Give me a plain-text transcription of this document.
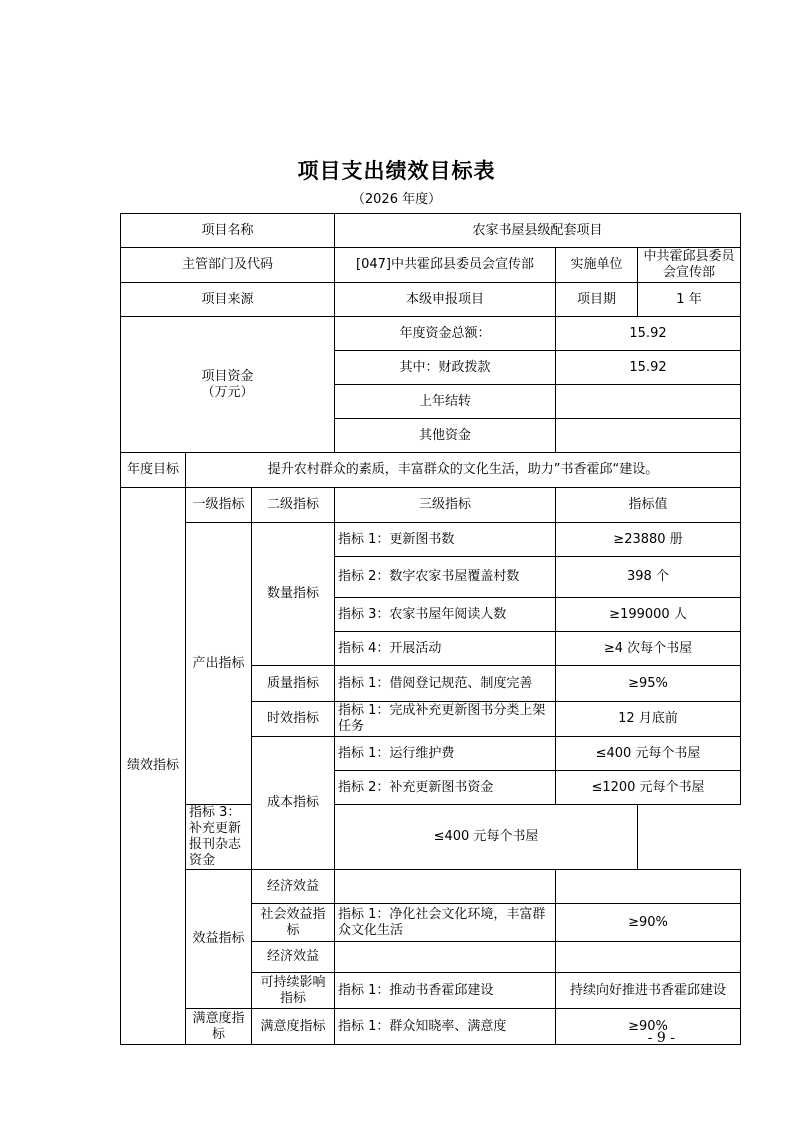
项目支出绩效目标表
（2026 年度）
项目名称			农家书屋县级配套项目		
主管部门及代码			[047]中共霍邱县委员会宣传部	实施单位	中共霍邱县委员会宣传部
项目来源			本级申报项目	项目期	1 年
项目资金
（万元）			年度资金总额：	15.92	
			其中：财政拨款	15.92	
			上年结转		
			其他资金		
年度目标	提升农村群众的素质，丰富群众的文化生活，助力”书香霍邱“建设。				
绩效指标	一级指标	二级指标	三级指标	指标值	
	产出指标	数量指标	指标 1：更新图书数	≥23880 册	
			指标 2：数字农家书屋覆盖村数	398 个	
			指标 3：农家书屋年阅读人数	≥199000 人	
			指标 4：开展活动	≥4 次每个书屋	
		质量指标	指标 1：借阅登记规范、制度完善	≥95%	
		时效指标	指标 1：完成补充更新图书分类上架任务	12 月底前	
		成本指标	指标 1：运行维护费	≤400 元每个书屋	
			指标 2：补充更新图书资金	≤1200 元每个书屋	
	指标 3：补充更新报刊杂志资金		≤400 元每个书屋		
	效益指标	经济效益			
		社会效益指标	指标 1：净化社会文化环境，丰富群众文化生活	≥90%	
		经济效益			
		可持续影响指标	指标 1：推动书香霍邱建设	持续向好推进书香霍邱建设	
	满意度指标	满意度指标	指标 1：群众知晓率、满意度	≥90%	
- 9 -
